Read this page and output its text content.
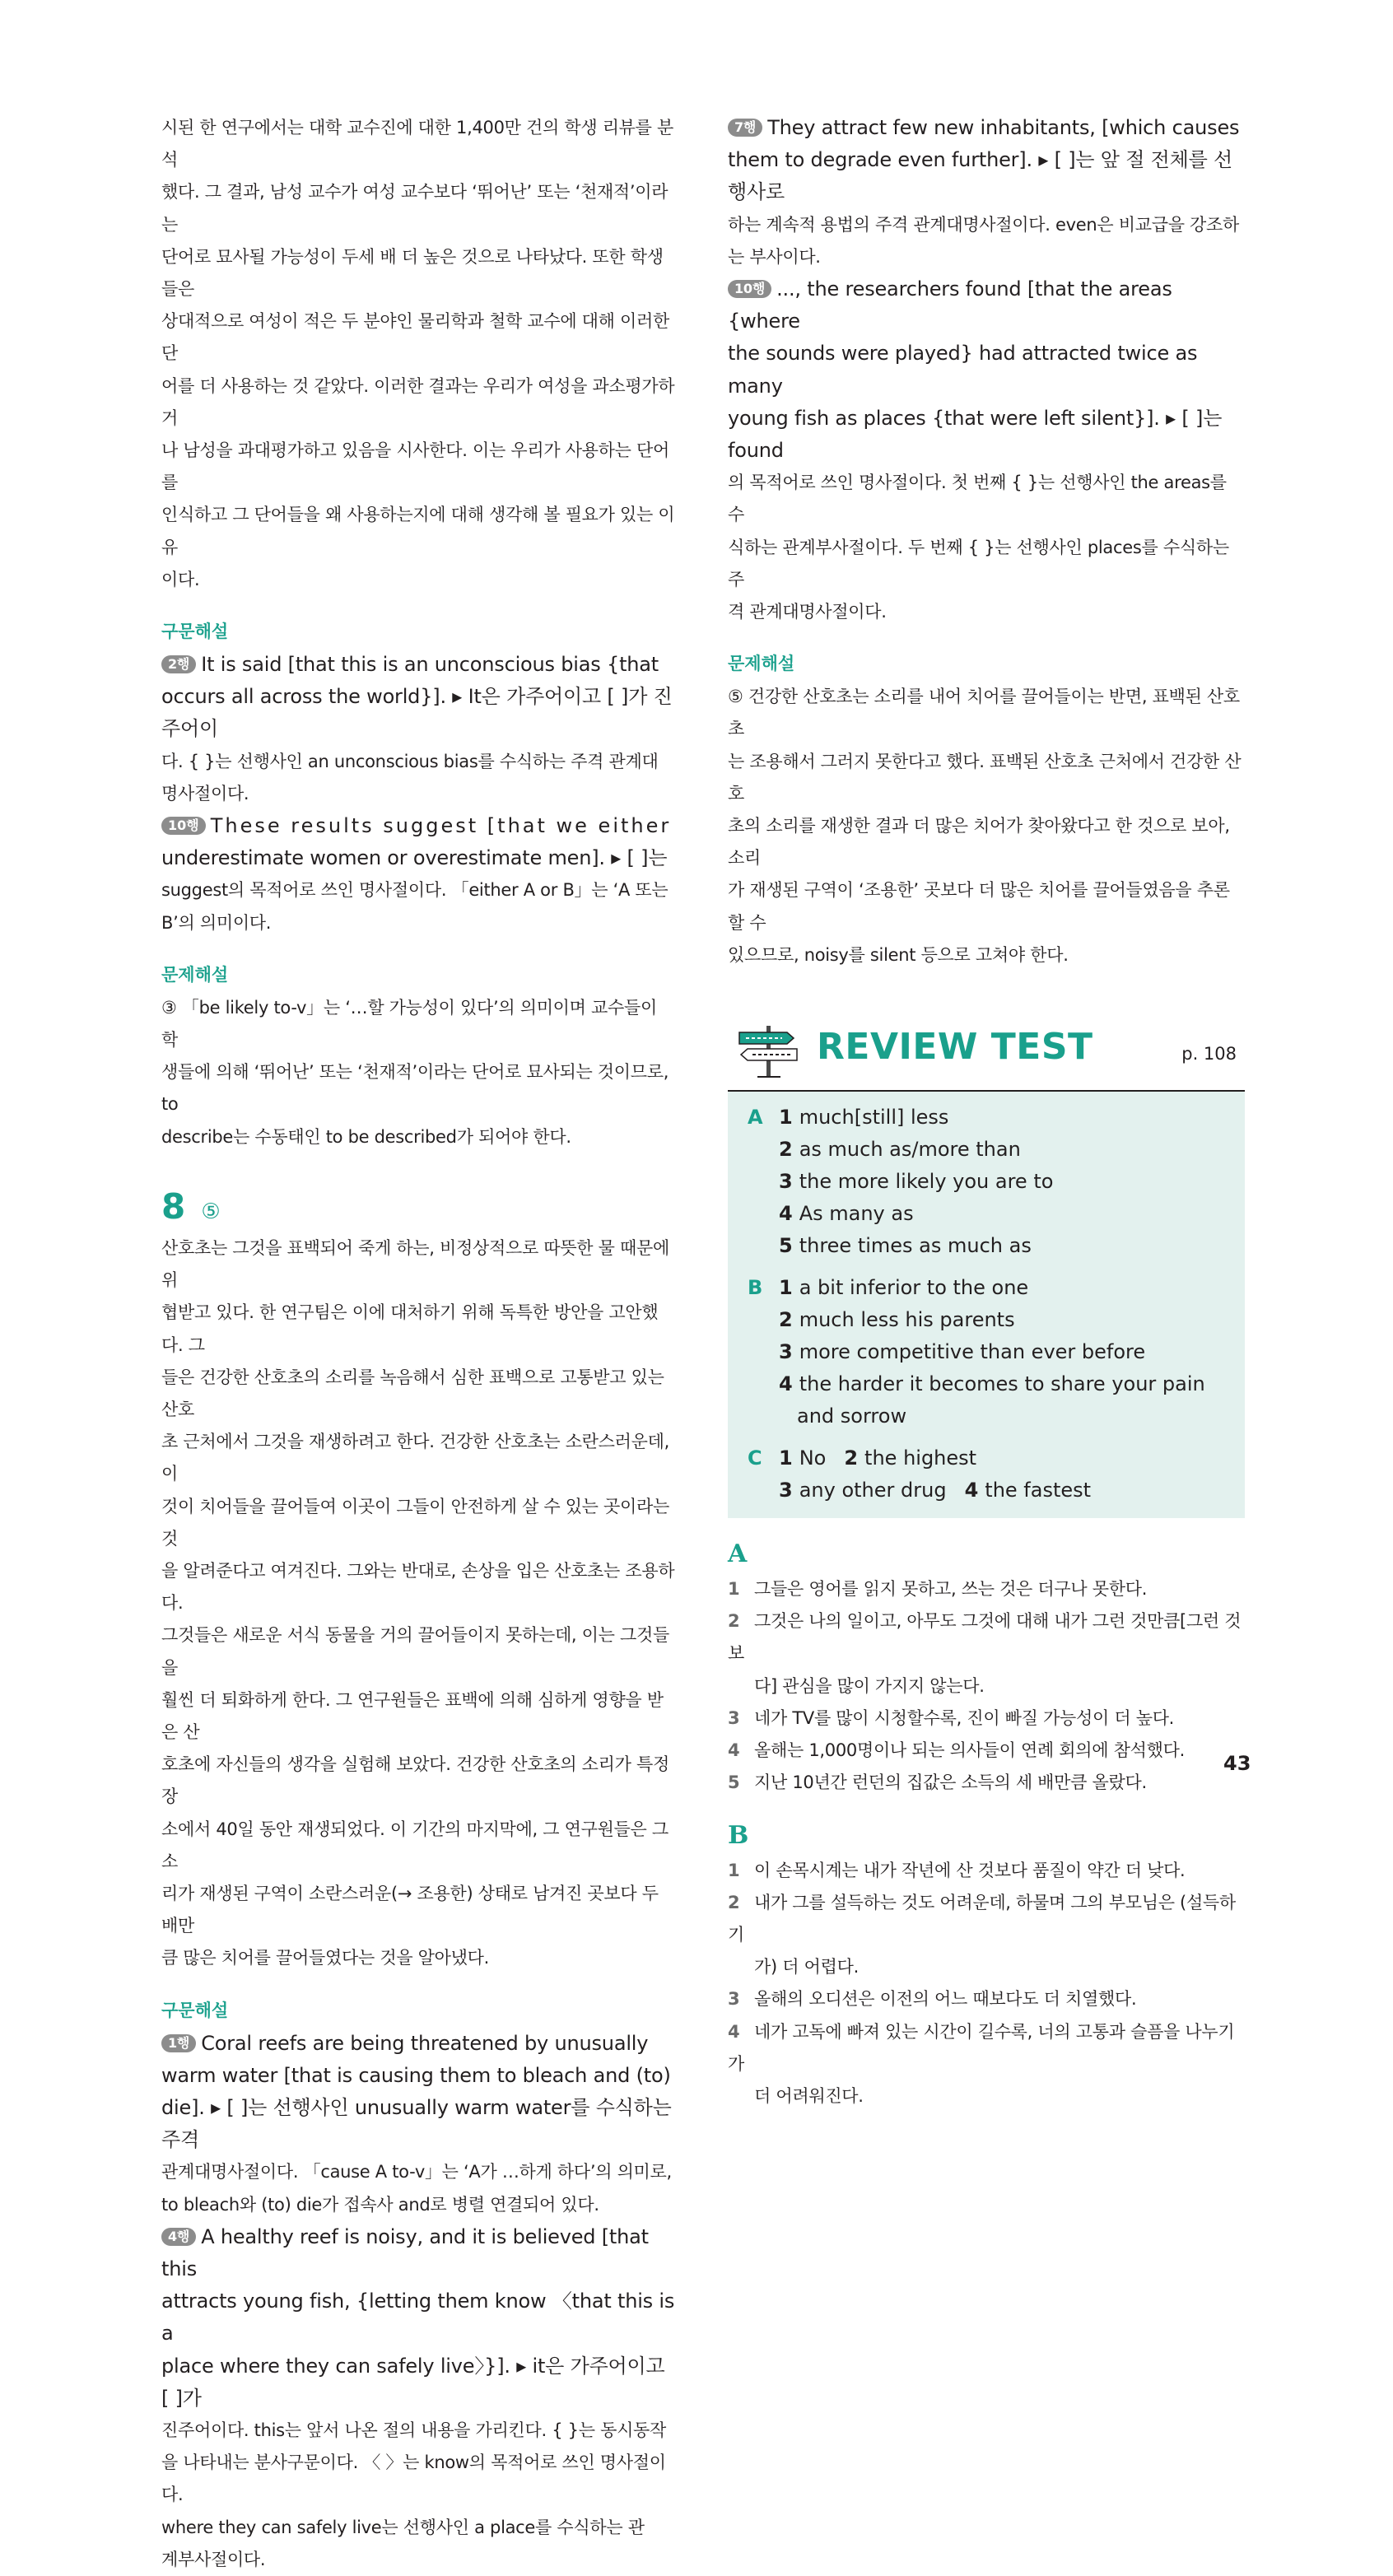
시된 한 연구에서는 대학 교수진에 대한 1,400만 건의 학생 리뷰를 분석

했다. 그 결과, 남성 교수가 여성 교수보다 ‘뛰어난’ 또는 ‘천재적’이라는

단어로 묘사될 가능성이 두세 배 더 높은 것으로 나타났다. 또한 학생들은

상대적으로 여성이 적은 두 분야인 물리학과 철학 교수에 대해 이러한 단

어를 더 사용하는 것 같았다. 이러한 결과는 우리가 여성을 과소평가하거

나 남성을 과대평가하고 있음을 시사한다. 이는 우리가 사용하는 단어를

인식하고 그 단어들을 왜 사용하는지에 대해 생각해 볼 필요가 있는 이유

이다.

구문해설

2행 It is said [that this is an unconscious bias {that

occurs all across the world}]. ▸ It은 가주어이고 [ ]가 진주어이

다. { }는 선행사인 an unconscious bias를 수식하는 주격 관계대

명사절이다.

10행 These results suggest [that we either

underestimate women or overestimate men]. ▸ [ ]는

suggest의 목적어로 쓰인 명사절이다. 「either A or B」는 ‘A 또는

B’의 의미이다.

문제해설

③ 「be likely to-v」는 ‘…할 가능성이 있다’의 의미이며 교수들이 학

생들에 의해 ‘뛰어난’ 또는 ‘천재적’이라는 단어로 묘사되는 것이므로, to

describe는 수동태인 to be described가 되어야 한다.

8 ⑤

산호초는 그것을 표백되어 죽게 하는, 비정상적으로 따뜻한 물 때문에 위

협받고 있다. 한 연구팀은 이에 대처하기 위해 독특한 방안을 고안했다. 그

들은 건강한 산호초의 소리를 녹음해서 심한 표백으로 고통받고 있는 산호

초 근처에서 그것을 재생하려고 한다. 건강한 산호초는 소란스러운데, 이

것이 치어들을 끌어들여 이곳이 그들이 안전하게 살 수 있는 곳이라는 것

을 알려준다고 여겨진다. 그와는 반대로, 손상을 입은 산호초는 조용하다.

그것들은 새로운 서식 동물을 거의 끌어들이지 못하는데, 이는 그것들을

훨씬 더 퇴화하게 한다. 그 연구원들은 표백에 의해 심하게 영향을 받은 산

호초에 자신들의 생각을 실험해 보았다. 건강한 산호초의 소리가 특정 장

소에서 40일 동안 재생되었다. 이 기간의 마지막에, 그 연구원들은 그 소

리가 재생된 구역이 소란스러운(→ 조용한) 상태로 남겨진 곳보다 두 배만

큼 많은 치어를 끌어들였다는 것을 알아냈다.

구문해설

1행 Coral reefs are being threatened by unusually

warm water [that is causing them to bleach and (to)

die]. ▸ [ ]는 선행사인 unusually warm water를 수식하는 주격

관계대명사절이다. 「cause A to-v」는 ‘A가 …하게 하다’의 의미로,

to bleach와 (to) die가 접속사 and로 병렬 연결되어 있다.

4행 A healthy reef is noisy, and it is believed [that this

attracts young fish, {letting them know 〈that this is a

place where they can safely live〉}]. ▸ it은 가주어이고 [ ]가

진주어이다. this는 앞서 나온 절의 내용을 가리킨다. { }는 동시동작

을 나타내는 분사구문이다. 〈 〉는 know의 목적어로 쓰인 명사절이다.

where they can safely live는 선행사인 a place를 수식하는 관

계부사절이다.

7행 They attract few new inhabitants, [which causes

them to degrade even further]. ▸ [ ]는 앞 절 전체를 선행사로

하는 계속적 용법의 주격 관계대명사절이다. even은 비교급을 강조하

는 부사이다.

10행 ..., the researchers found [that the areas {where

the sounds were played} had attracted twice as many

young fish as places {that were left silent}]. ▸ [ ]는 found

의 목적어로 쓰인 명사절이다. 첫 번째 { }는 선행사인 the areas를 수

식하는 관계부사절이다. 두 번째 { }는 선행사인 places를 수식하는 주

격 관계대명사절이다.

문제해설

⑤ 건강한 산호초는 소리를 내어 치어를 끌어들이는 반면, 표백된 산호초

는 조용해서 그러지 못한다고 했다. 표백된 산호초 근처에서 건강한 산호

초의 소리를 재생한 결과 더 많은 치어가 찾아왔다고 한 것으로 보아, 소리

가 재생된 구역이 ‘조용한’ 곳보다 더 많은 치어를 끌어들였음을 추론할 수

있으므로, noisy를 silent 등으로 고쳐야 한다.

REVIEW TEST	p. 108
A 1 much[still] less
2 as much as/more than
3 the more likely you are to
4 As many as
5 three times as much as
B 1 a bit inferior to the one
2 much less his parents
3 more competitive than ever before
4 the harder it becomes to share your pain
and sorrow
C 1 No 2 the highest
3 any other drug 4 the fastest
A

1 그들은 영어를 읽지 못하고, 쓰는 것은 더구나 못한다.

2 그것은 나의 일이고, 아무도 그것에 대해 내가 그런 것만큼[그런 것보

다] 관심을 많이 가지지 않는다.

3 네가 TV를 많이 시청할수록, 진이 빠질 가능성이 더 높다.

4 올해는 1,000명이나 되는 의사들이 연례 회의에 참석했다.

5 지난 10년간 런던의 집값은 소득의 세 배만큼 올랐다.

B

1 이 손목시계는 내가 작년에 산 것보다 품질이 약간 더 낮다.

2 내가 그를 설득하는 것도 어려운데, 하물며 그의 부모님은 (설득하기

가) 더 어렵다.

3 올해의 오디션은 이전의 어느 때보다도 더 치열했다.

4 네가 고독에 빠져 있는 시간이 길수록, 너의 고통과 슬픔을 나누기가

더 어려워진다.

43
